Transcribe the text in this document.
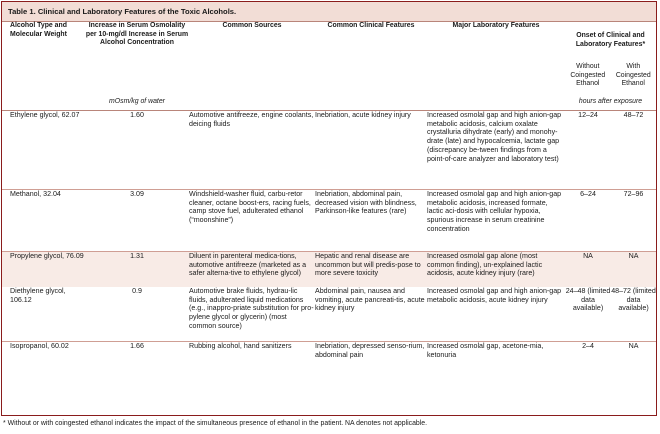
Table 1. Clinical and Laboratory Features of the Toxic Alcohols.
Alcohol Type and Molecular Weight	Increase in Serum Osmolality per 10-mg/dl Increase in Serum Alcohol Concentration	Common Sources	Common Clinical Features	Major Laboratory Features	Onset of Clinical and Laboratory Features*
Without Coingested Ethanol
With Coingested Ethanol	

	mOsm/kg of water				hours after exposure	
Ethylene glycol, 62.07	1.60	Automotive antifreeze, engine coolants, deicing fluids	Inebriation, acute kidney injury	Increased osmolal gap and high anion-gap metabolic acidosis, calcium oxalate crystalluria dihydrate (early) and monohy-drate (late) and hypocalcemia, lactate gap (discrepancy be-tween findings from a point-of-care analyzer and laboratory test)	12–24	48–72
Methanol, 32.04	3.09	Windshield-washer fluid, carbu-retor cleaner, octane boost-ers, racing fuels, camp stove fuel, adulterated ethanol (“moonshine”)	Inebriation, abdominal pain, decreased vision with blindness, Parkinson-like features (rare)	Increased osmolal gap and high anion-gap metabolic acidosis, increased formate, lactic aci-dosis with cellular hypoxia, spurious increase in serum creatinine concentration	6–24	72–96
Propylene glycol, 76.09	1.31	Diluent in parenteral medica-tions, automotive antifreeze (marketed as a safer alterna-tive to ethylene glycol)	Hepatic and renal disease are uncommon but will predis-pose to more severe toxicity	Increased osmolal gap alone (most common finding), un-explained lactic acidosis, acute kidney injury (rare)	NA	NA
Diethylene glycol, 106.12	0.9	Automotive brake fluids, hydrau-lic fluids, adulterated liquid medications (e.g., inappro-priate substitution for pro-pylene glycol or glycerin) (most common source)	Abdominal pain, nausea and vomiting, acute pancreati-tis, acute kidney injury	Increased osmolal gap and high anion-gap metabolic acidosis, acute kidney injury	24–48 (limited data available)	48–72 (limited data available)
Isopropanol, 60.02	1.66	Rubbing alcohol, hand sanitizers	Inebriation, depressed senso-rium, abdominal pain	Increased osmolal gap, acetone-mia, ketonuria	2–4	NA
* Without or with coingested ethanol indicates the impact of the simultaneous presence of ethanol in the patient. NA denotes not applicable.
